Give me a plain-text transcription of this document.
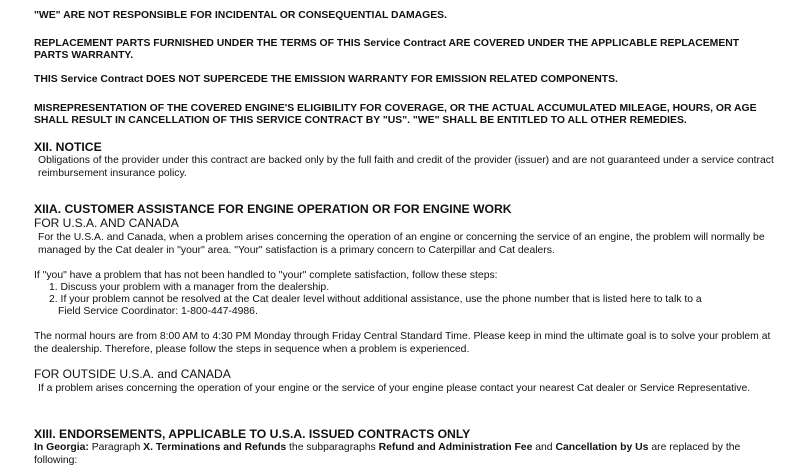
"WE" ARE NOT RESPONSIBLE FOR INCIDENTAL OR CONSEQUENTIAL DAMAGES.

REPLACEMENT PARTS FURNISHED UNDER THE TERMS OF THIS Service Contract ARE COVERED UNDER THE APPLICABLE REPLACEMENT PARTS WARRANTY.

THIS Service Contract DOES NOT SUPERCEDE THE EMISSION WARRANTY FOR EMISSION RELATED COMPONENTS.

MISREPRESENTATION OF THE COVERED ENGINE'S ELIGIBILITY FOR COVERAGE, OR THE ACTUAL ACCUMULATED MILEAGE, HOURS, OR AGE SHALL RESULT IN CANCELLATION OF THIS SERVICE CONTRACT BY "US". "WE" SHALL BE ENTITLED TO ALL OTHER REMEDIES.

XII. NOTICE

Obligations of the provider under this contract are backed only by the full faith and credit of the provider (issuer) and are not guaranteed under a service contract reimbursement insurance policy.

XIIA. CUSTOMER ASSISTANCE FOR ENGINE OPERATION OR FOR ENGINE WORK

FOR U.S.A. AND CANADA

For the U.S.A. and Canada, when a problem arises concerning the operation of an engine or concerning the service of an engine, the problem will normally be managed by the Cat dealer in "your" area. "Your" satisfaction is a primary concern to Caterpillar and Cat dealers.

If "you" have a problem that has not been handled to "your" complete satisfaction, follow these steps:

1. Discuss your problem with a manager from the dealership.

2. If your problem cannot be resolved at the Cat dealer level without additional assistance, use the phone number that is listed here to talk to a

Field Service Coordinator: 1-800-447-4986.

The normal hours are from 8:00 AM to 4:30 PM Monday through Friday Central Standard Time. Please keep in mind the ultimate goal is to solve your problem at the dealership. Therefore, please follow the steps in sequence when a problem is experienced.

FOR OUTSIDE U.S.A. and CANADA

If a problem arises concerning the operation of your engine or the service of your engine please contact your nearest Cat dealer or Service Representative.

XIII. ENDORSEMENTS, APPLICABLE TO U.S.A. ISSUED CONTRACTS ONLY

In Georgia: Paragraph X. Terminations and Refunds the subparagraphs Refund and Administration Fee and Cancellation by Us are replaced by the following:
